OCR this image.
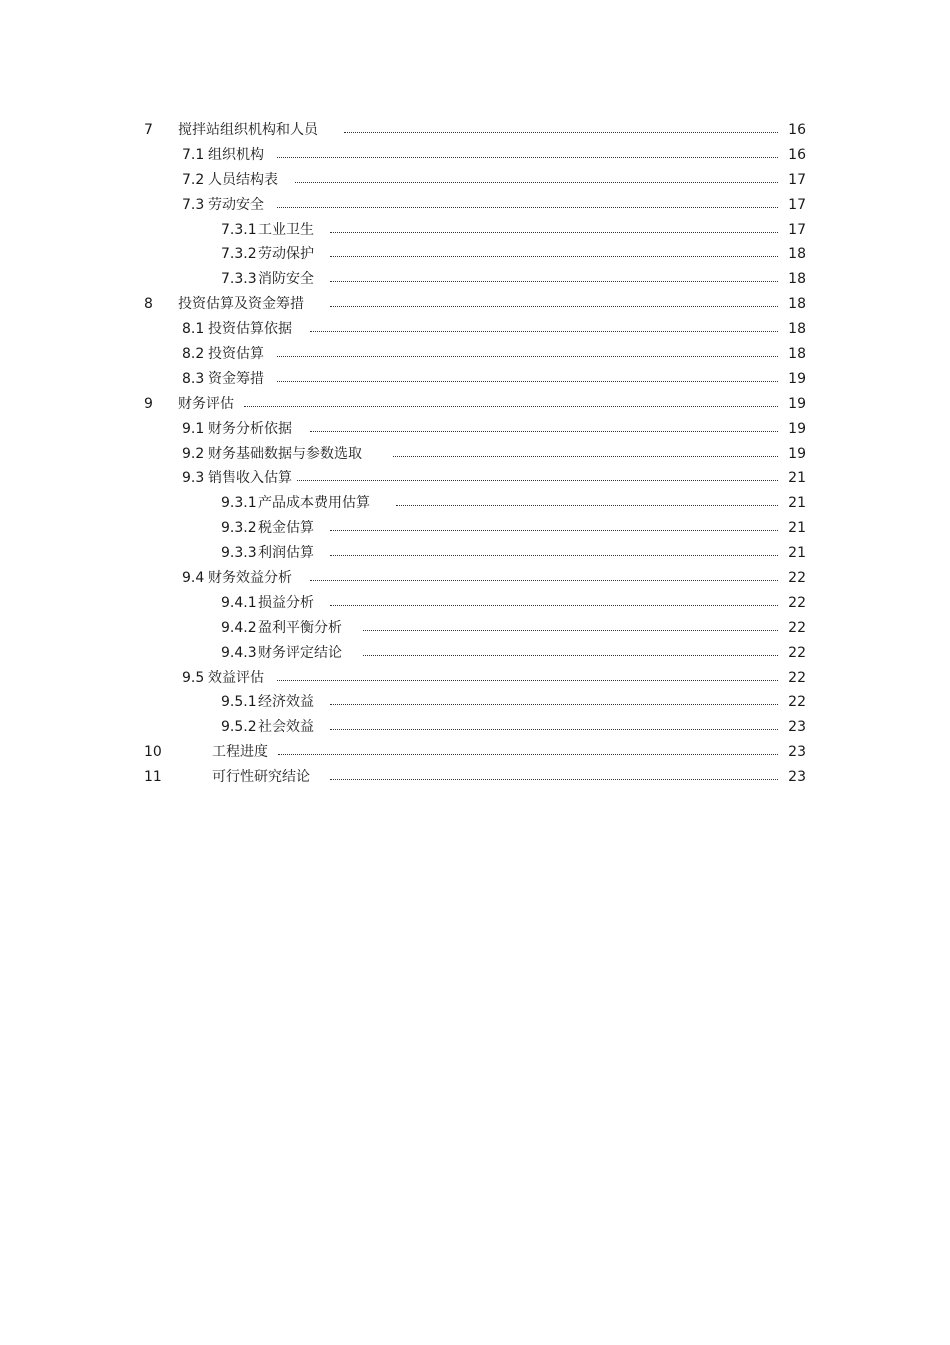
7 搅拌站组织机构和人员	16
7.1 组织机构	16
7.2 人员结构表	17
7.3 劳动安全	17
7.3.1 工业卫生	17
7.3.2 劳动保护	18
7.3.3 消防安全	18
8 投资估算及资金筹措	18
8.1 投资估算依据	18
8.2 投资估算	18
8.3 资金筹措	19
9 财务评估	19
9.1 财务分析依据	19
9.2 财务基础数据与参数选取	19
9.3 销售收入估算	21
9.3.1 产品成本费用估算	21
9.3.2 税金估算	21
9.3.3 利润估算	21
9.4 财务效益分析	22
9.4.1 损益分析	22
9.4.2 盈利平衡分析	22
9.4.3 财务评定结论	22
9.5 效益评估	22
9.5.1 经济效益	22
9.5.2 社会效益	23
10	工程进度	23
11	可行性研究结论	23
